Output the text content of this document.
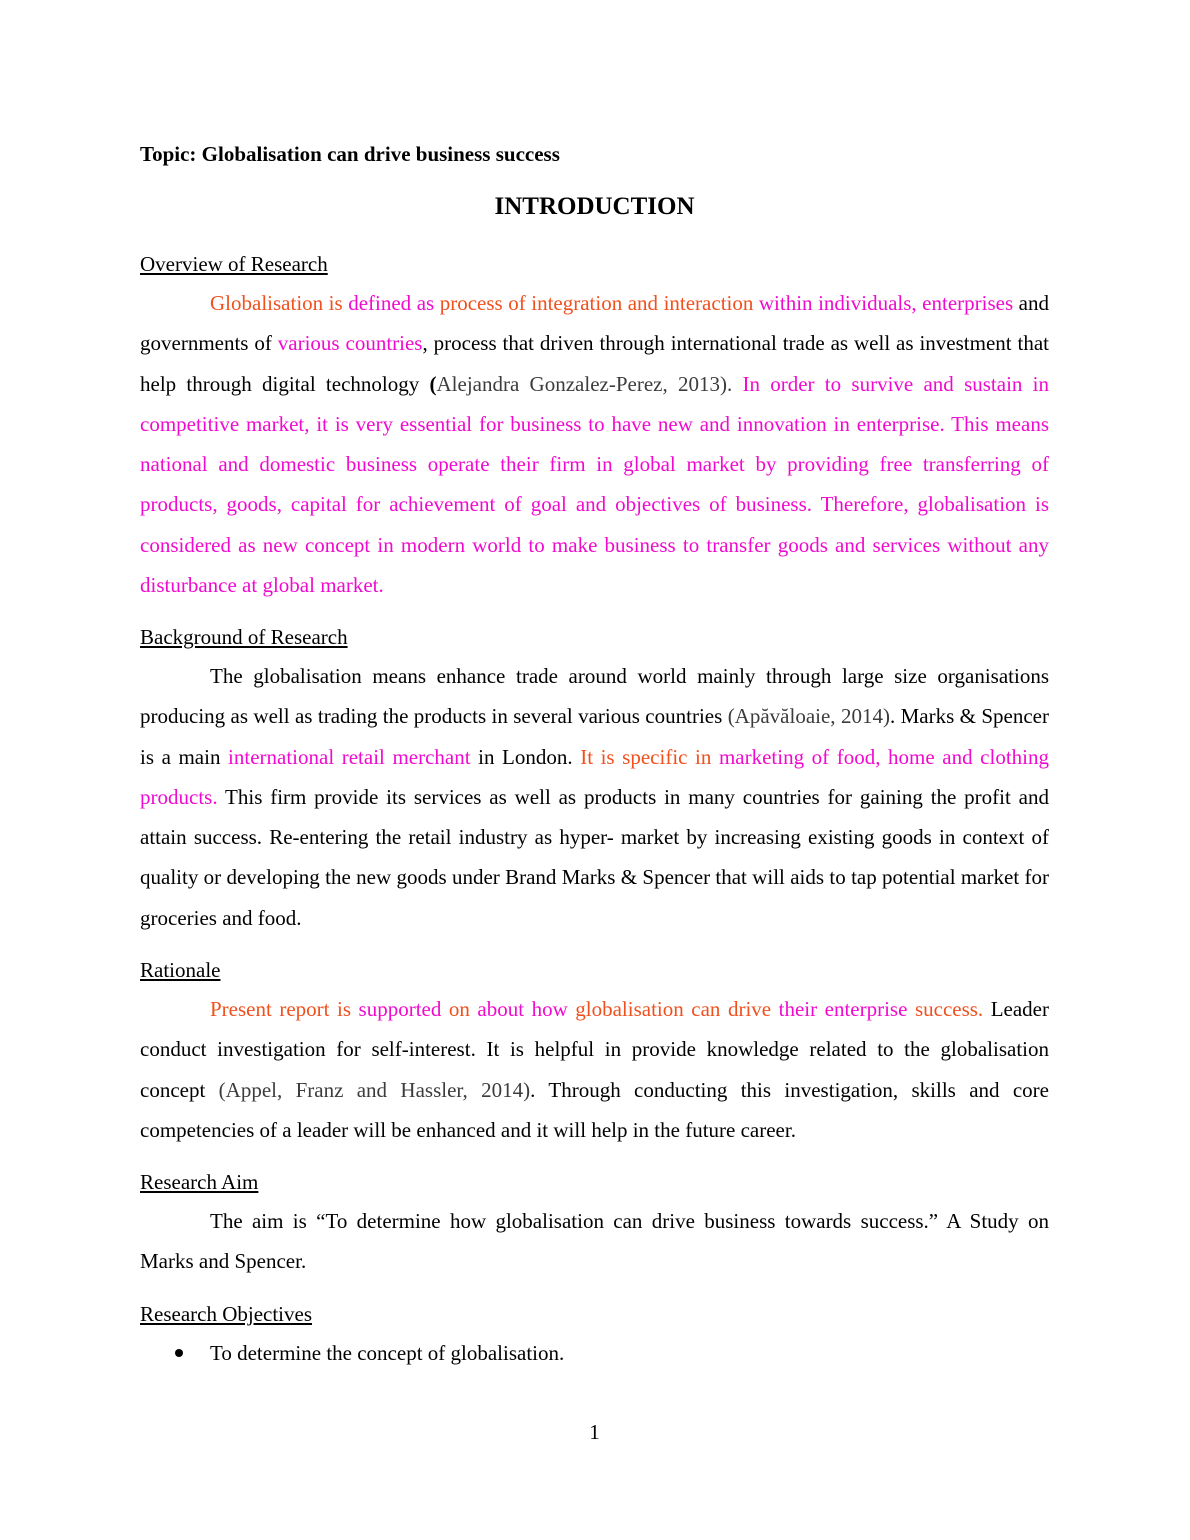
Topic: Globalisation can drive business success

INTRODUCTION
Overview of Research

Globalisation is defined as process of integration and interaction within individuals, enterprises and governments of various countries, process that driven through international trade as well as investment that help through digital technology (Alejandra Gonzalez-Perez, 2013). In order to survive and sustain in competitive market, it is very essential for business to have new and innovation in enterprise. This means national and domestic business operate their firm in global market by providing free transferring of products, goods, capital for achievement of goal and objectives of business. Therefore, globalisation is considered as new concept in modern world to make business to transfer goods and services without any disturbance at global market.

Background of Research

The globalisation means enhance trade around world mainly through large size organisations producing as well as trading the products in several various countries (Apăvăloaie, 2014). Marks & Spencer is a main international retail merchant in London. It is specific in marketing of food, home and clothing products. This firm provide its services as well as products in many countries for gaining the profit and attain success. Re-entering the retail industry as hyper- market by increasing existing goods in context of quality or developing the new goods under Brand Marks & Spencer that will aids to tap potential market for groceries and food.

Rationale

Present report is supported on about how globalisation can drive their enterprise success. Leader conduct investigation for self-interest. It is helpful in provide knowledge related to the globalisation concept (Appel, Franz and Hassler, 2014). Through conducting this investigation, skills and core competencies of a leader will be enhanced and it will help in the future career.

Research Aim

The aim is “To determine how globalisation can drive business towards success.” A Study on Marks and Spencer.

Research Objectives
To determine the concept of globalisation.
1
